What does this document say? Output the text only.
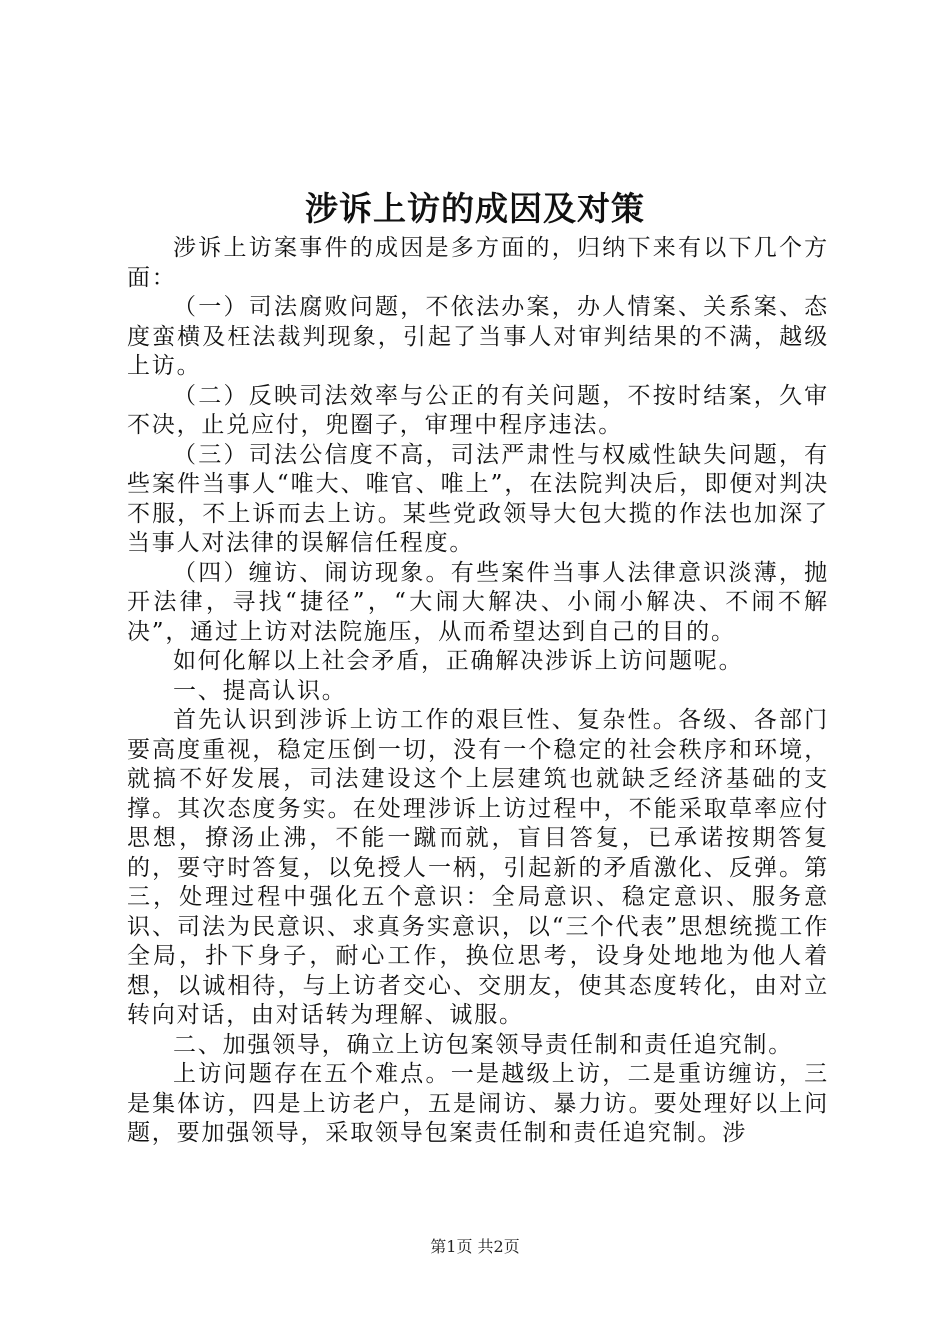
涉诉上访的成因及对策

涉诉上访案事件的成因是多方面的，归纳下来有以下几个方面：

（一）司法腐败问题，不依法办案，办人情案、关系案、态度蛮横及枉法裁判现象，引起了当事人对审判结果的不满，越级上访。

（二）反映司法效率与公正的有关问题，不按时结案，久审不决，止兑应付，兜圈子，审理中程序违法。

（三）司法公信度不高，司法严肃性与权威性缺失问题，有些案件当事人“唯大、唯官、唯上”，在法院判决后，即便对判决不服，不上诉而去上访。某些党政领导大包大揽的作法也加深了当事人对法律的误解信任程度。

（四）缠访、闹访现象。有些案件当事人法律意识淡薄，抛开法律，寻找“捷径”，“大闹大解决、小闹小解决、不闹不解决”，通过上访对法院施压，从而希望达到自己的目的。

如何化解以上社会矛盾，正确解决涉诉上访问题呢。

一、提高认识。

首先认识到涉诉上访工作的艰巨性、复杂性。各级、各部门要高度重视，稳定压倒一切，没有一个稳定的社会秩序和环境，就搞不好发展，司法建设这个上层建筑也就缺乏经济基础的支撑。其次态度务实。在处理涉诉上访过程中，不能采取草率应付思想，撩汤止沸，不能一蹴而就，盲目答复，已承诺按期答复的，要守时答复，以免授人一柄，引起新的矛盾激化、反弹。第三，处理过程中强化五个意识：全局意识、稳定意识、服务意识、司法为民意识、求真务实意识，以“三个代表”思想统揽工作全局，扑下身子，耐心工作，换位思考，设身处地地为他人着想，以诚相待，与上访者交心、交朋友，使其态度转化，由对立转向对话，由对话转为理解、诚服。

二、加强领导，确立上访包案领导责任制和责任追究制。

上访问题存在五个难点。一是越级上访，二是重访缠访，三是集体访，四是上访老户，五是闹访、暴力访。要处理好以上问题，要加强领导，采取领导包案责任制和责任追究制。涉

第1页 共2页
